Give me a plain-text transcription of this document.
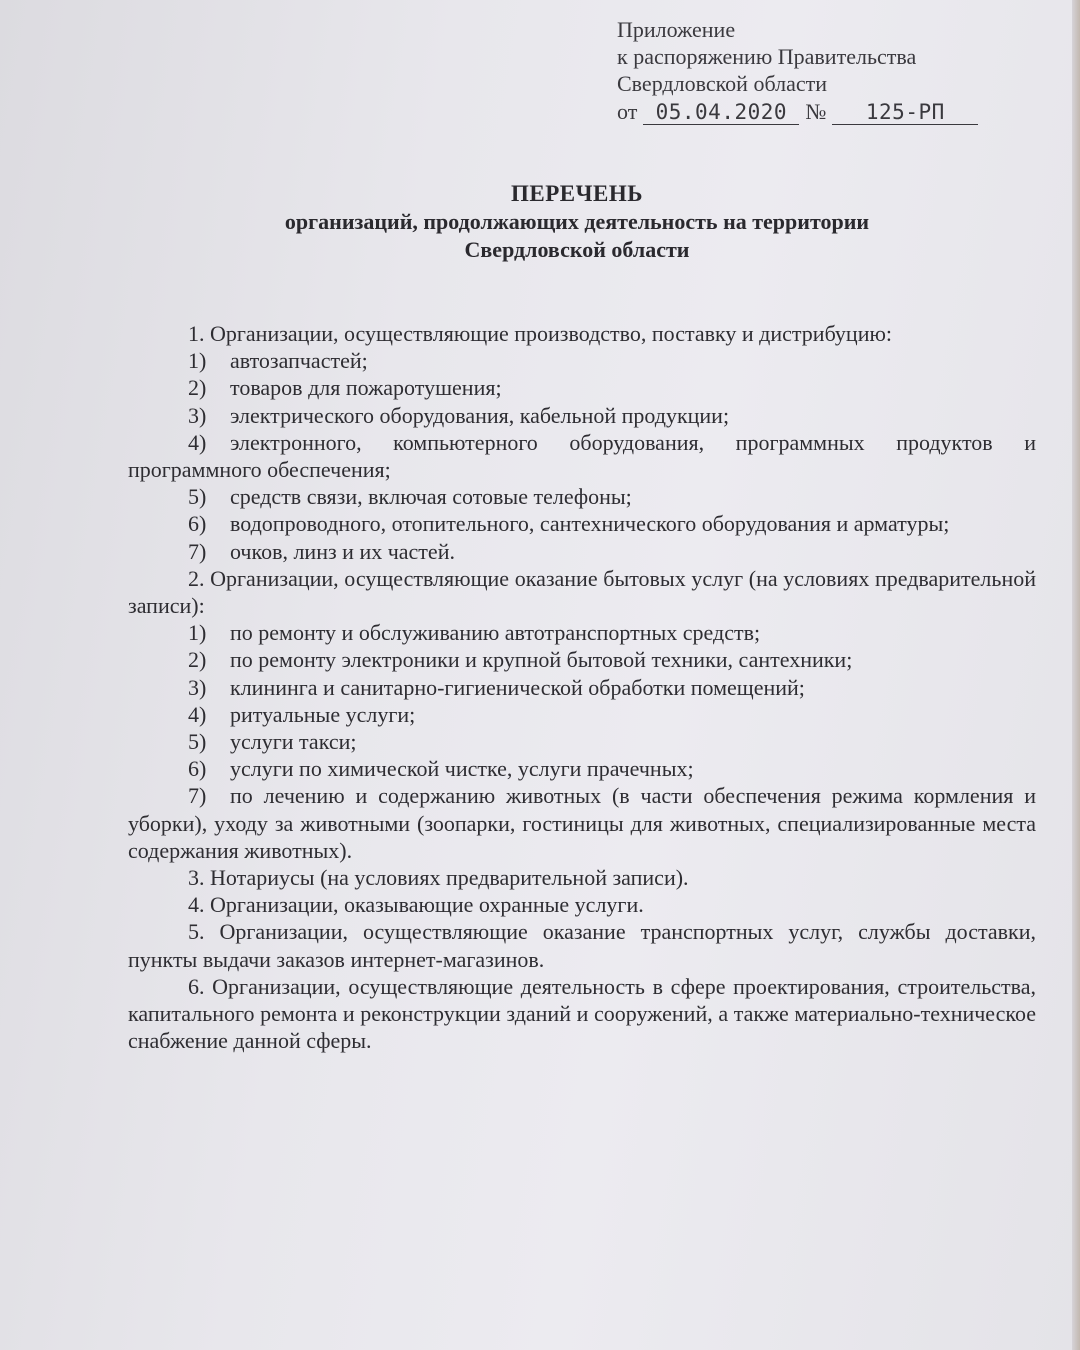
Приложение
к распоряжению Правительства
Свердловской области
от 05.04.2020 №	125-РП
ПЕРЕЧЕНЬ
организаций, продолжающих деятельность на территории
Свердловской области

1. Организации, осуществляющие производство, поставку и дистрибуцию:

1) автозапчастей;

2) товаров для пожаротушения;

3) электрического оборудования, кабельной продукции;

4) электронного, компьютерного оборудования, программных продуктов и программного обеспечения;

5) средств связи, включая сотовые телефоны;

6) водопроводного, отопительного, сантехнического оборудования и арматуры;

7) очков, линз и их частей.

2. Организации, осуществляющие оказание бытовых услуг (на условиях предварительной записи):

1) по ремонту и обслуживанию автотранспортных средств;

2) по ремонту электроники и крупной бытовой техники, сантехники;

3) клининга и санитарно-гигиенической обработки помещений;

4) ритуальные услуги;

5) услуги такси;

6) услуги по химической чистке, услуги прачечных;

7) по лечению и содержанию животных (в части обеспечения режима кормления и уборки), уходу за животными (зоопарки, гостиницы для животных, специализированные места содержания животных).

3. Нотариусы (на условиях предварительной записи).

4. Организации, оказывающие охранные услуги.

5. Организации, осуществляющие оказание транспортных услуг, службы доставки, пункты выдачи заказов интернет-магазинов.

6. Организации, осуществляющие деятельность в сфере проектирования, строительства, капитального ремонта и реконструкции зданий и сооружений, а также материально-техническое снабжение данной сферы.
